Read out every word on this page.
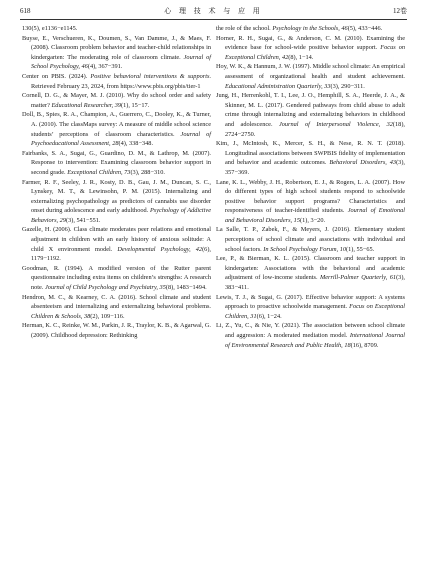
618	心 理 技 术 与 应 用	12卷

130(5), e1136−e1145.

Buyse, E., Verschueren, K., Doumen, S., Van Damme, J., & Maes, F. (2008). Classroom problem behavior and teacher-child relationships in kindergarten: The moderating role of classroom climate. Journal of School Psychology, 46(4), 367−391.

Center on PBIS. (2024). Positive behavioral interventions & supports. Retrieved February 23, 2024, from https://www.pbis.org/pbis/tier-1

Cornell, D. G., & Mayer, M. J. (2010). Why do school order and safety matter? Educational Researcher, 39(1), 15−17.

Doll, B., Spies, R. A., Champion, A., Guerrero, C., Dooley, K., & Turner, A. (2010). The classMaps survey: A measure of middle school science students’ perceptions of classroom characteristics. Journal of Psychoeducational Assessment, 28(4), 338−348.

Fairbanks, S. A., Sugai, G., Guardino, D. M., & Lathrop, M. (2007). Response to intervention: Examining classroom behavior support in second grade. Exceptional Children, 73(3), 288−310.

Farmer, R. F., Seeley, J. R., Kosty, D. B., Gau, J. M., Duncan, S. C., Lynskey, M. T., & Lewinsohn, P. M. (2015). Internalizing and externalizing psychopathology as predictors of cannabis use disorder onset during adolescence and early adulthood. Psychology of Addictive Behaviors, 29(3), 541−551.

Gazelle, H. (2006). Class climate moderates peer relations and emotional adjustment in children with an early history of anxious solitude: A child X environment model. Developmental Psychology, 42(6), 1179−1192.

Goodman, R. (1994). A modified version of the Rutter parent questionnaire including extra items on children’s strengths: A research note. Journal of Child Psychology and Psychiatry, 35(8), 1483−1494.

Hendron, M. C., & Kearney, C. A. (2016). School climate and student absenteeism and internalizing and externalizing behavioral problems. Children & Schools, 38(2), 109−116.

Herman, K. C., Reinke, W. M., Parkin, J. R., Traylor, K. B., & Agarwal, G. (2009). Childhood depression: Rethinking

the role of the school. Psychology in the Schools, 46(5), 433−446.

Horner, R. H., Sugai, G., & Anderson, C. M. (2010). Examining the evidence base for school-wide positive behavior support. Focus on Exceptional Children, 42(8), 1−14.

Hoy, W. K., & Hannum, J. W. (1997). Middle school climate: An empirical assessment of organizational health and student achievement. Educational Administration Quarterly, 33(3), 290−311.

Jung, H., Herrenkohl, T. I., Lee, J. O., Hemphill, S. A., Heerde, J. A., & Skinner, M. L. (2017). Gendered pathways from child abuse to adult crime through internalizing and externalizing behaviors in childhood and adolescence. Journal of Interpersonal Violence, 32(18), 2724−2750.

Kim, J., McIntosh, K., Mercer, S. H., & Nese, R. N. T. (2018). Longitudinal associations between SWPBIS fidelity of implementation and behavior and academic outcomes. Behavioral Disorders, 43(3), 357−369.

Lane, K. L., Webby, J. H., Robertson, E. J., & Rogers, L. A. (2007). How do different types of high school students respond to schoolwide positive behavior support programs? Characteristics and responsiveness of teacher-identified students. Journal of Emotional and Behavioral Disorders, 15(1), 3−20.

La Salle, T. P., Zabek, F., & Meyers, J. (2016). Elementary student perceptions of school climate and associations with individual and school factors. In School Psychology Forum, 10(1), 55−65.

Lee, P., & Bierman, K. L. (2015). Classroom and teacher support in kindergarten: Associations with the behavioral and academic adjustment of low-income students. Merrill-Palmer Quarterly, 61(3), 383−411.

Lewis, T. J., & Sugai, G. (2017). Effective behavior support: A systems approach to proactive schoolwide management. Focus on Exceptional Children, 31(6), 1−24.

Li, Z., Yu, C., & Nie, Y. (2021). The association between school climate and aggression: A moderated mediation model. International Journal of Environmental Research and Public Health, 18(16), 8709.
